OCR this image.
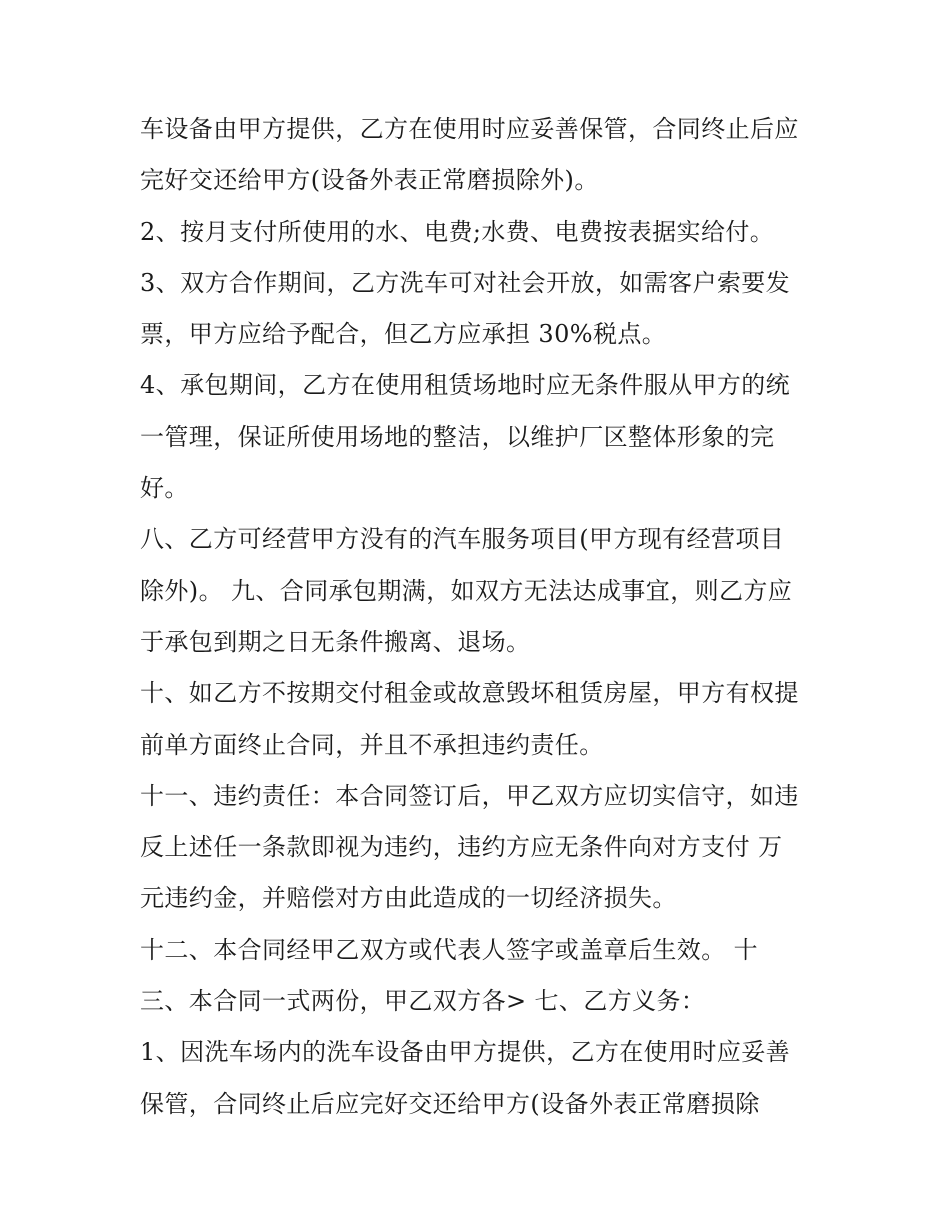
车设备由甲方提供，乙方在使用时应妥善保管，合同终止后应
完好交还给甲方(设备外表正常磨损除外)。
2、按月支付所使用的水、电费;水费、电费按表据实给付。
3、双方合作期间，乙方洗车可对社会开放，如需客户索要发
票，甲方应给予配合，但乙方应承担 30%税点。
4、承包期间，乙方在使用租赁场地时应无条件服从甲方的统
一管理，保证所使用场地的整洁，以维护厂区整体形象的完
好。
八、乙方可经营甲方没有的汽车服务项目(甲方现有经营项目
除外)。 九、合同承包期满，如双方无法达成事宜，则乙方应
于承包到期之日无条件搬离、退场。
十、如乙方不按期交付租金或故意毁坏租赁房屋，甲方有权提
前单方面终止合同，并且不承担违约责任。
十一、违约责任：本合同签订后，甲乙双方应切实信守，如违
反上述任一条款即视为违约，违约方应无条件向对方支付 万
元违约金，并赔偿对方由此造成的一切经济损失。
十二、本合同经甲乙双方或代表人签字或盖章后生效。 十
三、本合同一式两份，甲乙双方各> 七、乙方义务：
1、因洗车场内的洗车设备由甲方提供，乙方在使用时应妥善
保管，合同终止后应完好交还给甲方(设备外表正常磨损除
